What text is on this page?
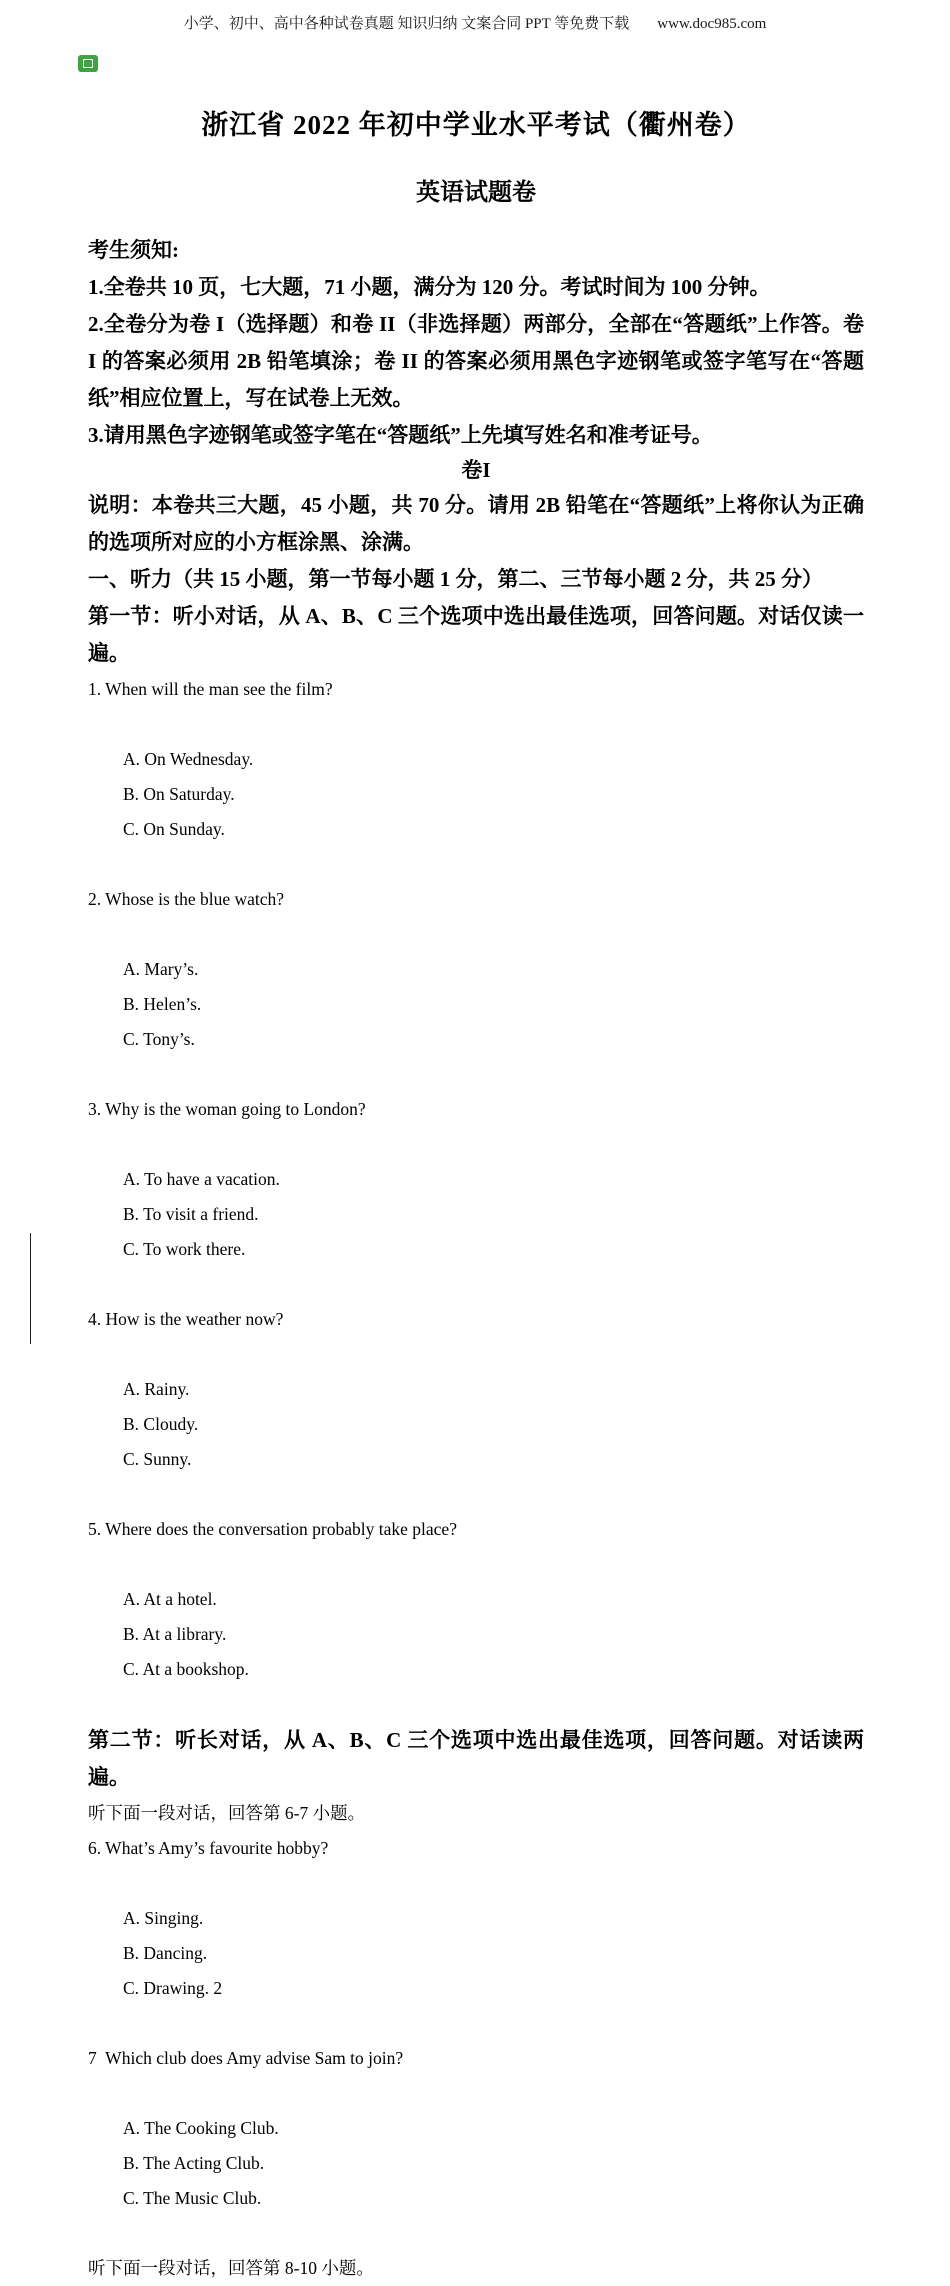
小学、初中、高中各种试卷真题 知识归纳 文案合同 PPT 等免费下载 www.doc985.com
浙江省 2022 年初中学业水平考试（衢州卷）
英语试题卷

考生须知:

1.全卷共 10 页，七大题，71 小题，满分为 120 分。考试时间为 100 分钟。

2.全卷分为卷 I（选择题）和卷 II（非选择题）两部分，全部在“答题纸”上作答。卷 I 的答案必须用 2B 铅笔填涂；卷 II 的答案必须用黑色字迹钢笔或签字笔写在“答题纸”相应位置上，写在试卷上无效。

3.请用黑色字迹钢笔或签字笔在“答题纸”上先填写姓名和准考证号。

卷I

说明：本卷共三大题，45 小题，共 70 分。请用 2B 铅笔在“答题纸”上将你认为正确的选项所对应的小方框涂黑、涂满。

一、听力（共 15 小题，第一节每小题 1 分，第二、三节每小题 2 分，共 25 分）

第一节：听小对话，从 A、B、C 三个选项中选出最佳选项，回答问题。对话仅读一遍。

1. When will the man see the film?

A. On Wednesday.
B. On Saturday.
C. On Sunday.

2. Whose is the blue watch?

A. Mary’s.
B. Helen’s.
C. Tony’s.

3. Why is the woman going to London?

A. To have a vacation.
B. To visit a friend.
C. To work there.

4. How is the weather now?

A. Rainy.
B. Cloudy.
C. Sunny.

5. Where does the conversation probably take place?

A. At a hotel.
B. At a library.
C. At a bookshop.

第二节：听长对话，从 A、B、C 三个选项中选出最佳选项，回答问题。对话读两遍。

听下面一段对话，回答第 6-7 小题。

6. What’s Amy’s favourite hobby?

A. Singing.
B. Dancing.
C. Drawing. 2

7  Which club does Amy advise Sam to join?

A. The Cooking Club.
B. The Acting Club.
C. The Music Club.

听下面一段对话，回答第 8-10 小题。
